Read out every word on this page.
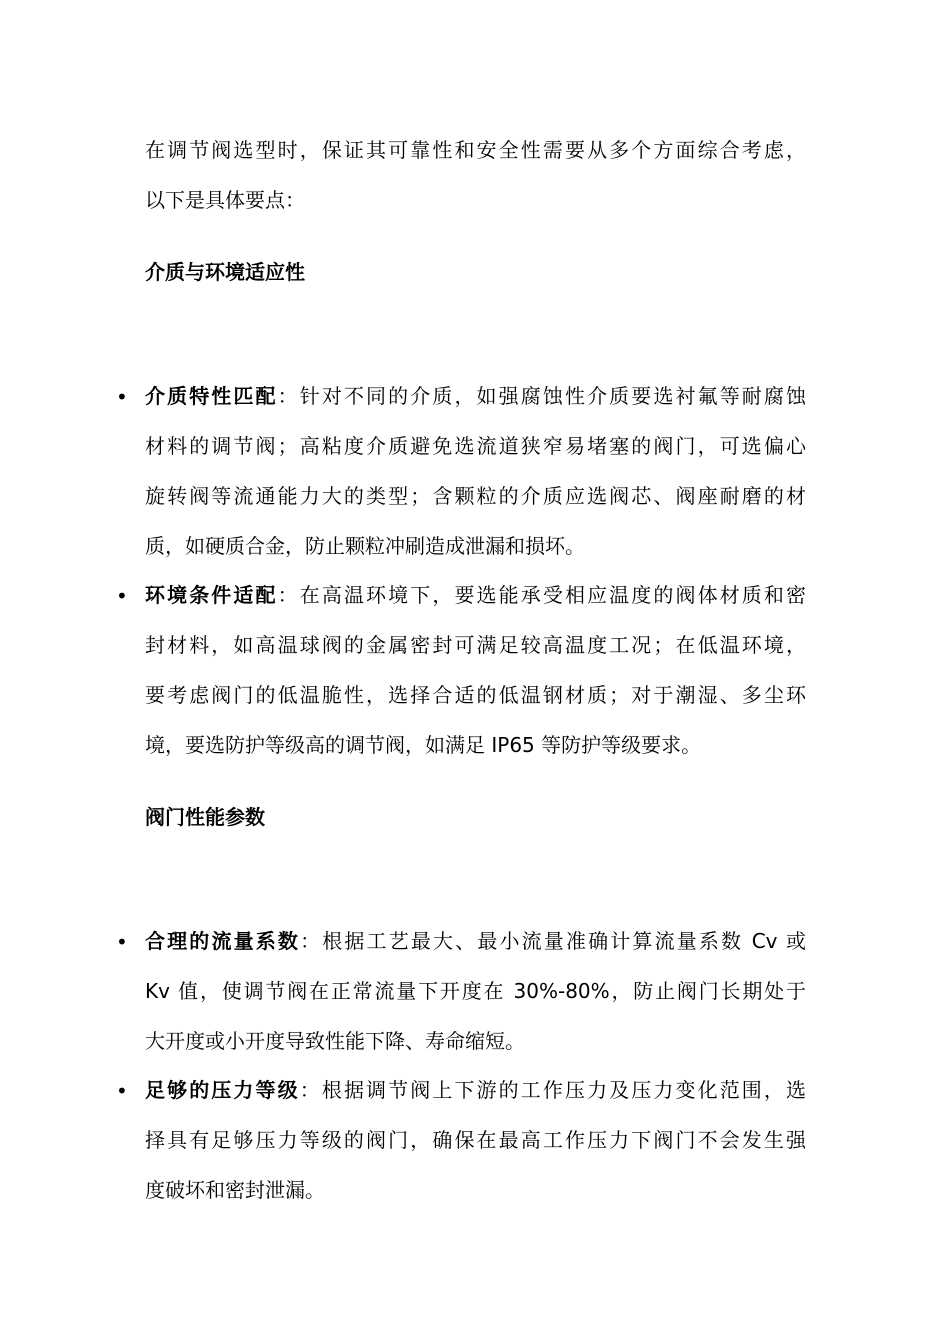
在调节阀选型时，保证其可靠性和安全性需要从多个方面综合考虑，
以下是具体要点：
介质与环境适应性
• 介质特性匹配：针对不同的介质，如强腐蚀性介质要选衬氟等耐腐蚀
材料的调节阀；高粘度介质避免选流道狭窄易堵塞的阀门，可选偏心
旋转阀等流通能力大的类型；含颗粒的介质应选阀芯、阀座耐磨的材
质，如硬质合金，防止颗粒冲刷造成泄漏和损坏。
• 环境条件适配：在高温环境下，要选能承受相应温度的阀体材质和密
封材料，如高温球阀的金属密封可满足较高温度工况；在低温环境，
要考虑阀门的低温脆性，选择合适的低温钢材质；对于潮湿、多尘环
境，要选防护等级高的调节阀，如满足 IP65 等防护等级要求。
阀门性能参数
• 合理的流量系数：根据工艺最大、最小流量准确计算流量系数 Cv 或
Kv 值，使调节阀在正常流量下开度在 30%-80%，防止阀门长期处于
大开度或小开度导致性能下降、寿命缩短。
• 足够的压力等级：根据调节阀上下游的工作压力及压力变化范围，选
择具有足够压力等级的阀门，确保在最高工作压力下阀门不会发生强
度破坏和密封泄漏。
